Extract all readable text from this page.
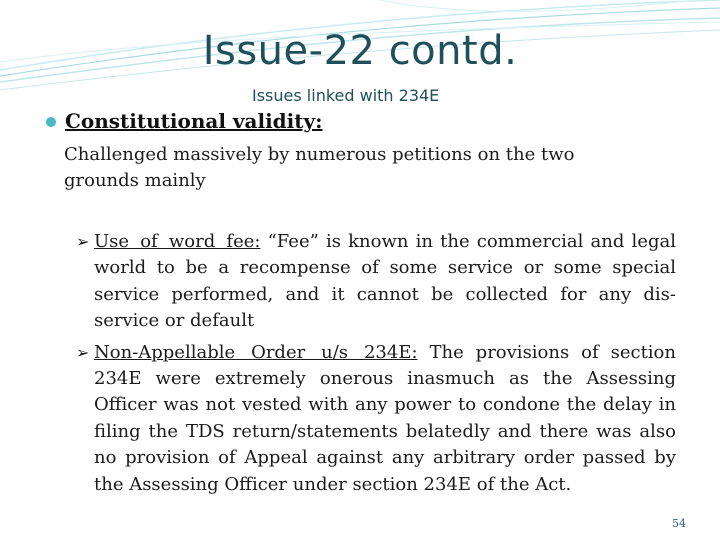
Issue-22 contd.
Issues linked with 234E
Constitutional validity:
Challenged massively by numerous petitions on the two grounds mainly
➢ Use of word fee: “Fee” is known in the commercial and legal world to be a recompense of some service or some special service performed, and it cannot be collected for any dis-service or default
➢ Non-Appellable Order u/s 234E: The provisions of section 234E were extremely onerous inasmuch as the Assessing Officer was not vested with any power to condone the delay in filing the TDS return/statements belatedly and there was also no provision of Appeal against any arbitrary order passed by the Assessing Officer under section 234E of the Act.
54
